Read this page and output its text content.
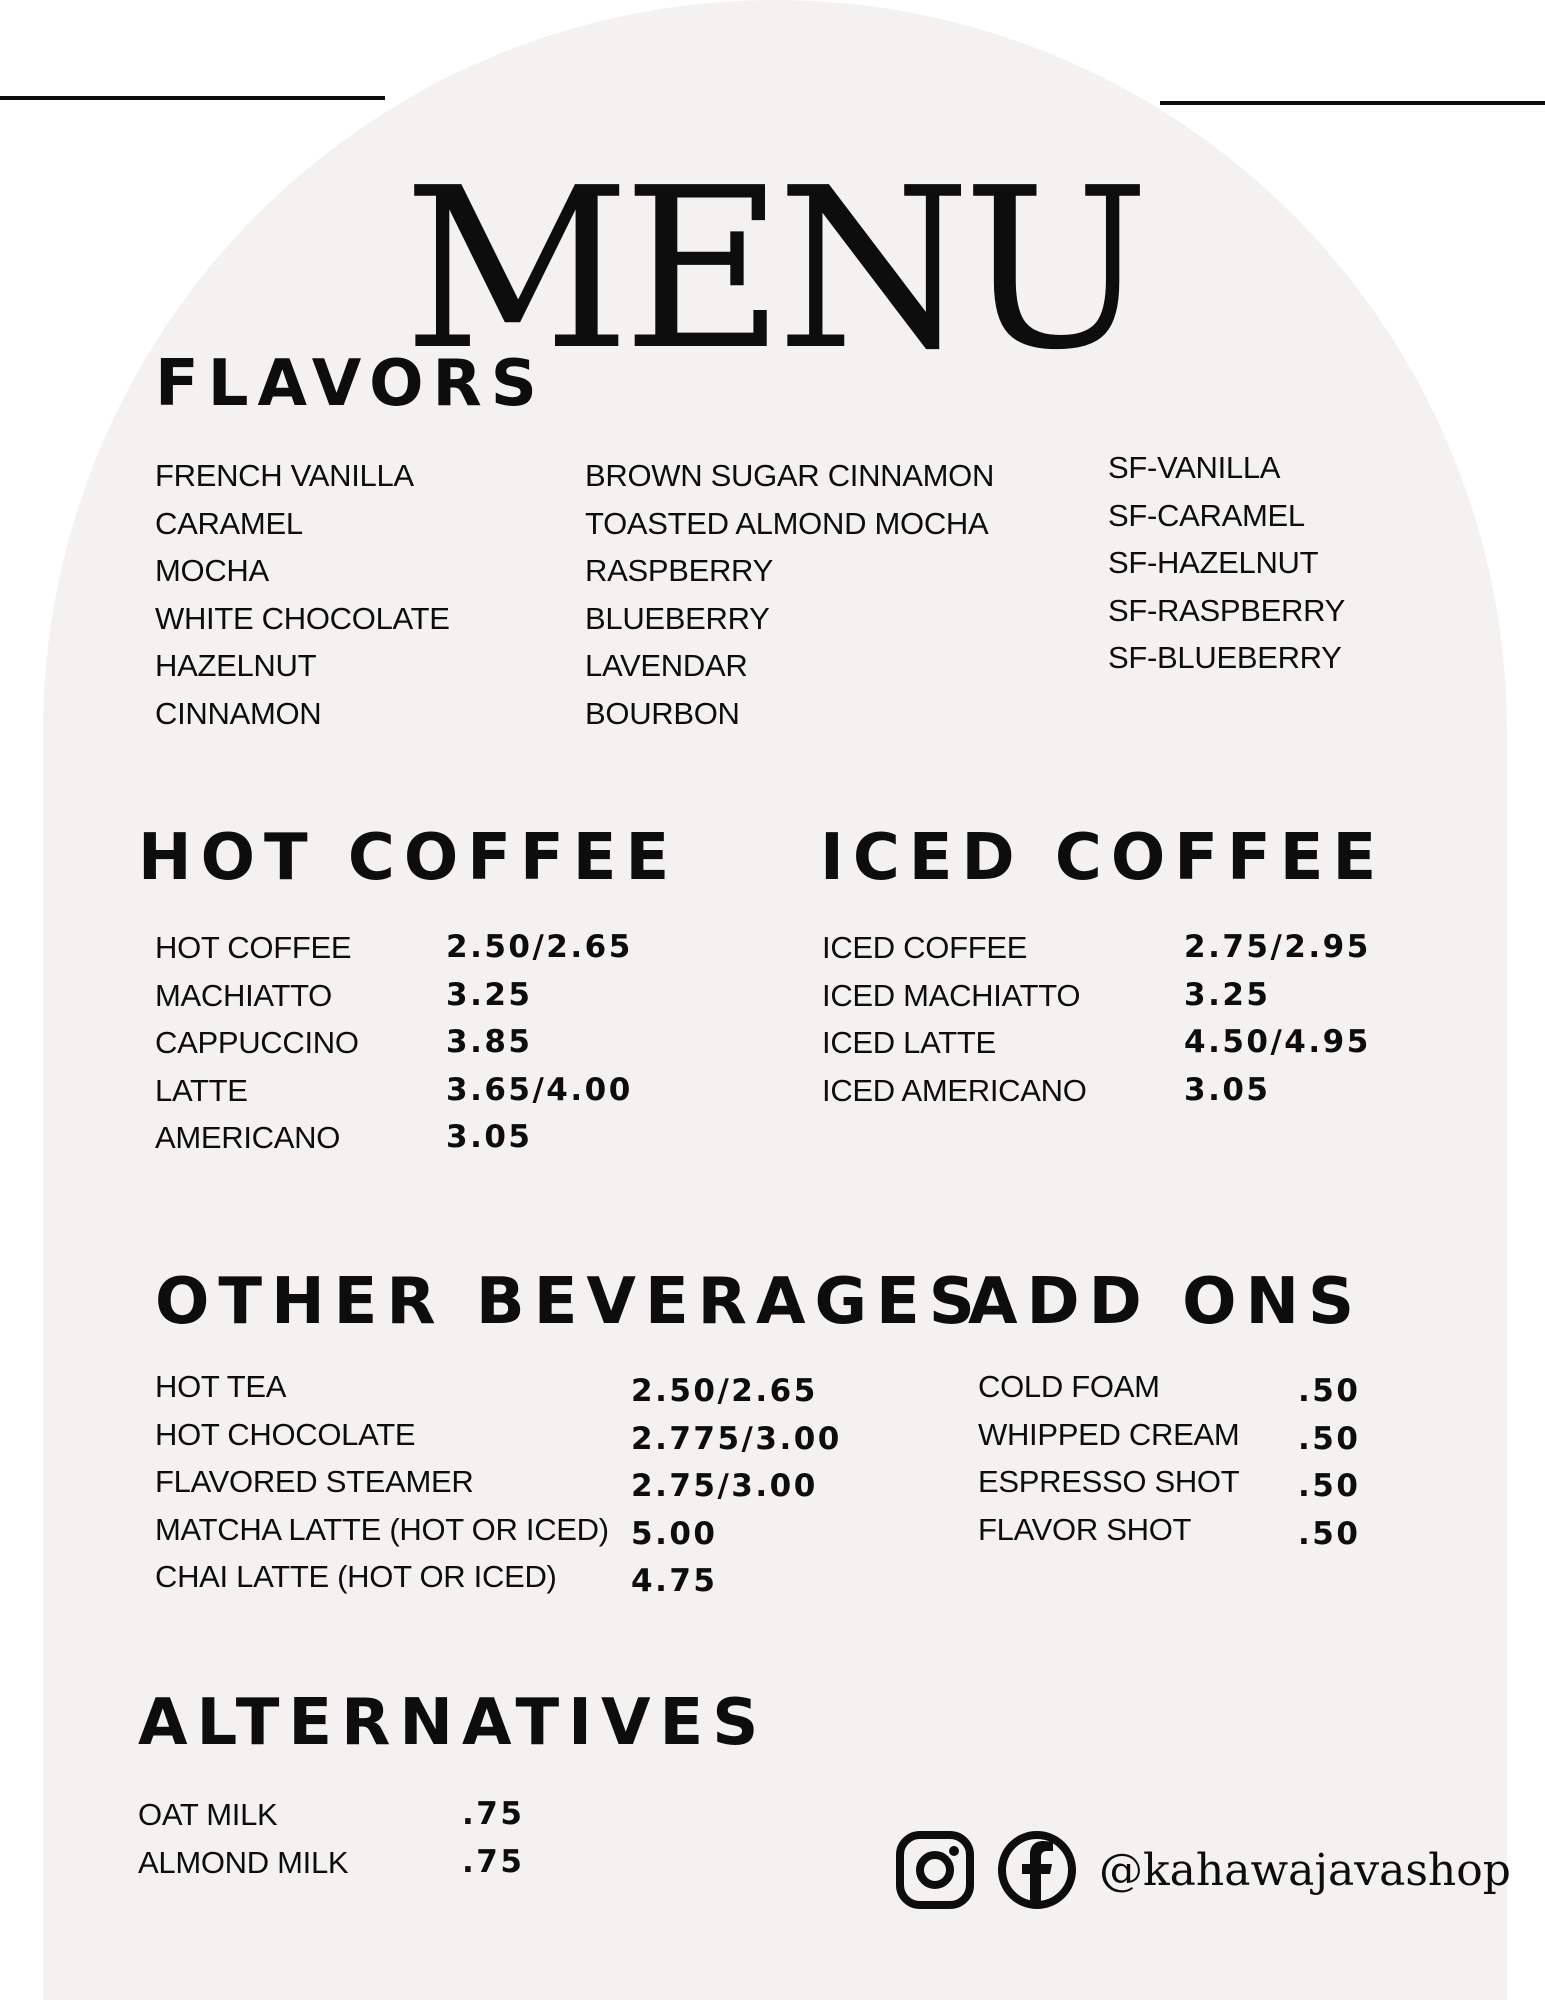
MENU
FLAVORS
FRENCH VANILLA
CARAMEL
MOCHA
WHITE CHOCOLATE
HAZELNUT
CINNAMON
BROWN SUGAR CINNAMON
TOASTED ALMOND MOCHA
RASPBERRY
BLUEBERRY
LAVENDAR
BOURBON
SF-VANILLA
SF-CARAMEL
SF-HAZELNUT
SF-RASPBERRY
SF-BLUEBERRY
HOT COFFEE
HOT COFFEE
MACHIATTO
CAPPUCCINO
LATTE
AMERICANO
2.50/2.65
3.25
3.85
3.65/4.00
3.05
ICED COFFEE
ICED COFFEE
ICED MACHIATTO
ICED LATTE
ICED AMERICANO
2.75/2.95
3.25
4.50/4.95
3.05
OTHER BEVERAGES
HOT TEA
HOT CHOCOLATE
FLAVORED STEAMER
MATCHA LATTE (HOT OR ICED)
CHAI LATTE (HOT OR ICED)
2.50/2.65
2.775/3.00
2.75/3.00
5.00
4.75
ADD ONS
COLD FOAM
WHIPPED CREAM
ESPRESSO SHOT
FLAVOR SHOT
.50
.50
.50
.50
ALTERNATIVES
OAT MILK
ALMOND MILK
.75
.75	@kahawajavashop
